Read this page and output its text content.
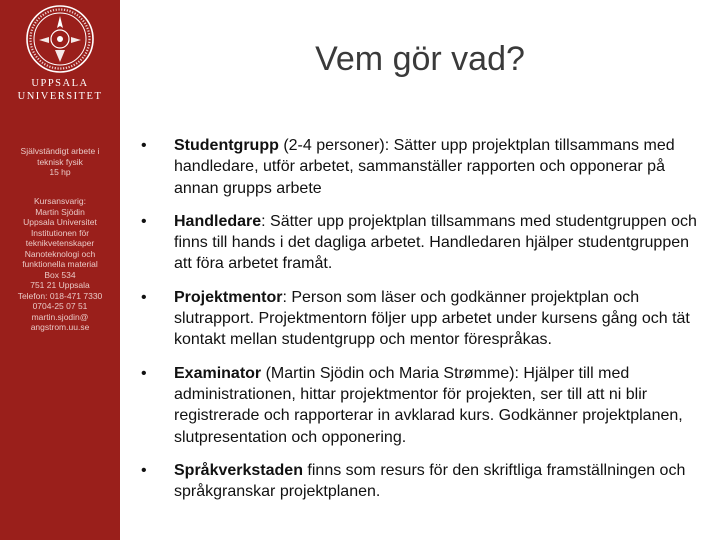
UPPSALA
UNIVERSITET
Självständigt arbete i
teknisk fysik
15 hp
Kursansvarig:
Martin Sjödin
Uppsala Universitet
Institutionen för
teknikvetenskaper
Nanoteknologi och
funktionella material
Box 534
751 21 Uppsala
Telefon: 018-471 7330
0704-25 07 51
martin.sjodin@
angstrom.uu.se
Vem gör vad?
•	Studentgrupp (2-4 personer): Sätter upp projektplan tillsammans med handledare, utför arbetet, sammanställer rapporten och opponerar på annan grupps arbete
•	Handledare: Sätter upp projektplan tillsammans med studentgruppen och finns till hands i det dagliga arbetet. Handledaren hjälper studentgruppen att föra arbetet framåt.
•	Projektmentor: Person som läser och godkänner projektplan och slutrapport. Projektmentorn följer upp arbetet under kursens gång och tät kontakt mellan studentgrupp och mentor förespråkas.
•	Examinator (Martin Sjödin och Maria Strømme): Hjälper till med administrationen, hittar projektmentor för projekten, ser till att ni blir registrerade och rapporterar in avklarad kurs. Godkänner projektplanen, slutpresentation och opponering.
•	Språkverkstaden finns som resurs för den skriftliga framställningen och språkgranskar projektplanen.
